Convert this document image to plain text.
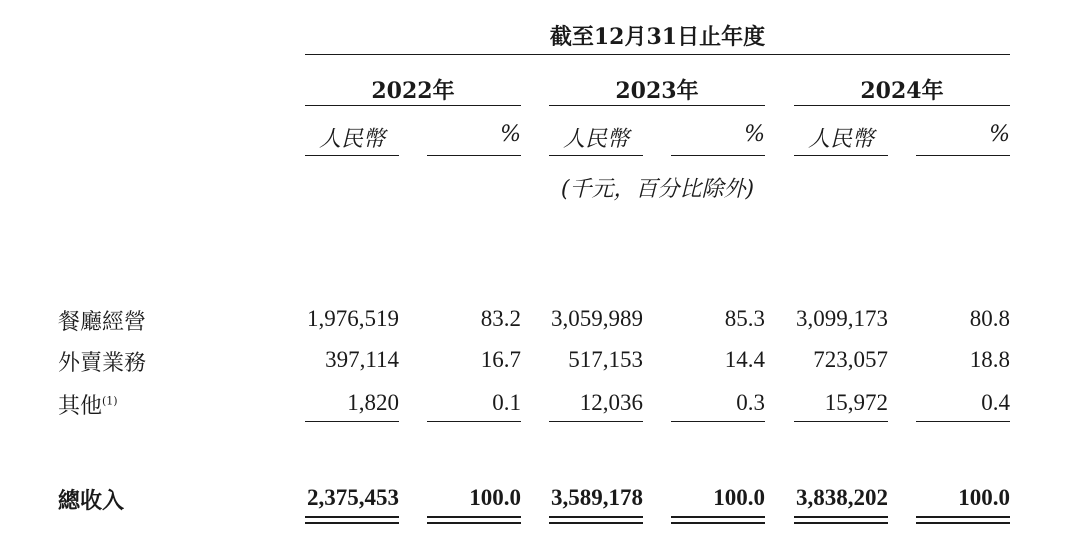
截至12月31日止年度
2022年	2023年	2024年
人民幣	%	人民幣	%	人民幣	%
(千元，百分比除外)
餐廳經營	1,976,519	83.2	3,059,989	85.3	3,099,173	80.8
外賣業務	397,114	16.7	517,153	14.4	723,057	18.8
其他$^{(1)}$	1,820	0.1	12,036	0.3	15,972	0.4
總收入	2,375,453	100.0	3,589,178	100.0	3,838,202	100.0
